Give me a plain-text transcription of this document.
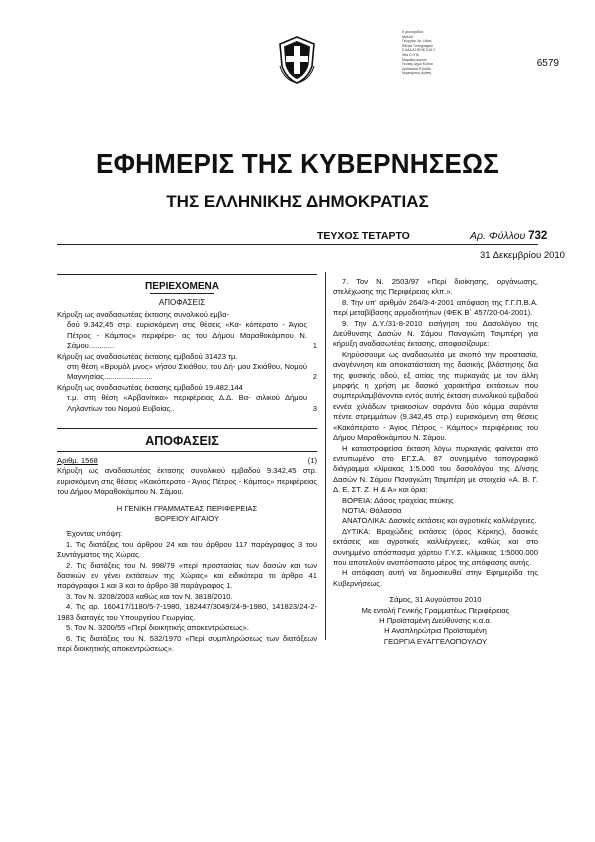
Ε ρευναράδας
Μαλλιά
Γεωργίου Χρ. Ηλίας
Εθνικό Τυπογραφείο
Κ ΑΑΑ Α ΗΕΟΕ Χ1Α Ξ
Θέα Ο ΗΤο
Μαραθώνιαςτοπ
Γενικής Δημο Κινάτα
Διαδικτύου Ελλάδα
Νεμεσιμπου Αγάπη
6579
ΕΦΗΜΕΡΙΣ ΤΗΣ ΚΥΒΕΡΝΗΣΕΩΣ
ΤΗΣ ΕΛΛΗΝΙΚΗΣ ΔΗΜΟΚΡΑΤΙΑΣ
ΤΕΥΧΟΣ ΤΕΤΑΡΤΟ	Αρ. Φύλλου 732
31 Δεκεμβρίου 2010
ΠΕΡΙΕΧΟΜΕΝΑ
ΑΠΟΦΑΣΕΙΣ
Κήρυξη ως αναδασωτέας έκτασης συνολικού εμβα-
δού 9.342,45 στρ. ευρισκόμενη στις θέσεις «Κα- κόπερατο - Άγιος Πέτρος - Κάμπος» περιφέρει- ας του Δήμου Μαραθοκάμπου Ν. Σάμου............	1
Κήρυξη ως αναδασωτέας έκτασης εμβαδού 31423 τμ.
στη θέση «Βρυμόλ μνος» νήσου Σκιάθου, του Δή- μου Σκιάθου, Νομού Μαγνησίας.......................	2
Κήρυξη ως αναδασωτέας έκτασης εμβαδού 19.482,144
τ.μ. στη θέση «Αρβανίτικα» περιφέρειας Δ.Δ. Βα- σιλικού Δήμου Ληλαντίων του Νομού Ευβοίας..	3
ΑΠΟΦΑΣΕΙΣ
Αριθμ. 1568	(1)

Κήρυξη ως αναδασωτέας έκτασης συνολικού εμβαδού 9.342,45 στρ. ευρισκόμενη στις θέσεις «Κακόπερατο - Άγιος Πέτρος - Κάμπος» περιφέρειας του Δήμου Μαραθοκάμπου Ν. Σάμου.

Η ΓΕΝΙΚΗ ΓΡΑΜΜΑΤΕΑΣ ΠΕΡΙΦΕΡΕΙΑΣ

ΒΟΡΕΙΟΥ ΑΙΓΑΙΟΥ

Έχοντας υπόψη:

1. Τις διατάξεις του άρθρου 24 και του άρθρου 117 παράγραφος 3 του Συντάγματος της Χώρας.

2. Τις διατάξεις του Ν. 998/79 «περί προστασίας των δασών και των δασικών εν γένει εκτάσεων της Χώρας» και ειδικότερα το άρθρο 41 παράγραφοι 1 και 3 και το άρθρο 38 παράγραφος 1.

3. Τον Ν. 3208/2003 καθώς και τον Ν. 3818/2010.

4. Τις αρ. 160417/1180/5-7-1980, 182447/3049/24-9-1980, 141823/24-2-1983 διαταγές του Υπουργείου Γεωργίας.

5. Τον Ν. 3200/55 «Περί διοικητικής αποκεντρώσεως».

6. Τις διατάξεις του Ν. 532/1970 «Περί συμπληρώσεως των διατάξεων περί διοικητικής αποκεντρώσεως».

7. Τον Ν. 2503/97 «Περί διοίκησης, οργάνωσης, στελέχωσης της Περιφέρειας κλπ.».

8. Την υπ' αριθμόν 264/3-4-2001 απόφαση της Γ.Γ.Π.Β.Α. περί μεταβίβασης αρμοδιοτήτων (ΦΕΚ Β΄ 457/20-04-2001).

9. Την Δ.Υ./31-8-2010 εισήγηση του Δασολόγου της Διεύθυνσης Δασών Ν. Σάμου Παναγιώτη Τσιμπέρη για κήρυξη αναδασωτέας έκτασης, αποφασίζουμε:

Κηρύσσουμε ως αναδασωτέα με σκοπό την προστασία, αναγέννηση και αποκατάσταση της δασικής βλάστησης δια της φυσικής οδού, εξ αιτίας της πυρκαγιάς με τον άλλη μορφής η χρήση με δασικό χαρακτήρα εκτάσεων που συμπεριλαμβάνονται εντός αυτής έκταση συνολικού εμβαδού εννέα χιλιάδων τριακοσίων σαράντα δύο κόμμα σαράντα πέντε στρεμμάτων (9.342,45 στρ.) ευρισκόμενη στη θέσεις «Κακόπερατο - Άγιος Πέτρος - Κάμπος» περιφέρειας του Δήμου Μαραθοκάμπου Ν. Σάμου.

Η καταστραφείσα έκταση λόγω πυρκαγιάς φαίνεται στο εντυπωμένο στο ΕΓ.Σ.Α. 87 συνημμένο τοπογραφικό διάγραμμα κλίμακας 1:5.000 του δασολόγου της Δ/νσης Δασών Ν. Σάμου Παναγιώτη Τσιμπέρη με στοιχεία «Α. Β. Γ. Δ. Ε. ΣΤ. Ζ. Η & Α» και όρια:

ΒΟΡΕΙΑ: Δάσος τραχείας πεύκης

ΝΟΤΙΑ: Θάλασσα

ΑΝΑΤΟΛΙΚΑ: Δασικές εκτάσεις και αγροτικές καλλιέργειες.

ΔΥΤΙΚΑ: Βραχώδεις εκτάσεις (όρος Κέρκης), δασικές εκτάσεις και αγροτικές καλλιέργειες, καθώς και στο συνημμένο απόσπασμα χάρτου Γ.Υ.Σ. κλίμακας 1:5000.000 που αποτελούν αναπόσπαστο μέρος της απόφασης αυτής.

Η απόφαση αυτή να δημοσιευθεί στην Εφημερίδα της Κυβερνήσεως.

Σάμος, 31 Αυγούστου 2010

Με εντολή Γενικής Γραμματέως Περιφέρειας

Η Προϊσταμένη Διεύθυνσης κ.α.α.

Η Αναπληρώτρια Προϊσταμένη

ΓΕΩΡΓΙΑ ΕΥΑΓΓΕΛΟΠΟΥΛΟΥ
